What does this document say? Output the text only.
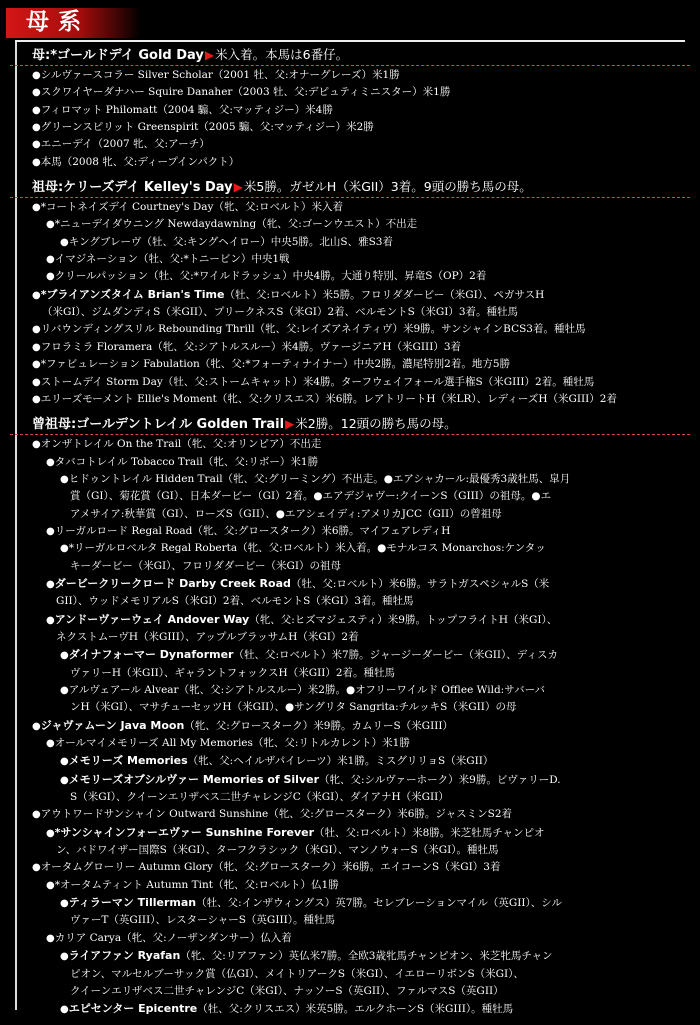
母系
母:*ゴールドデイ Gold Day▶米入着。本馬は6番仔。
●シルヴァースコラー Silver Scholar（2001 牡、父:オナーグレーズ）米1勝
●スクワイヤーダナハー Squire Danaher（2003 牡、父:デピュティミニスター）米1勝
●フィロマット Philomatt（2004 騸、父:マッティジー）米4勝
●グリーンスピリット Greenspirit（2005 騸、父:マッティジー）米2勝
●エニーデイ（2007 牝、父:アーチ）
●本馬（2008 牝、父:ディープインパクト）
祖母:ケリーズデイ Kelley's Day▶米5勝。ガゼルH（米GII）3着。9頭の勝ち馬の母。
●*コートネイズデイ Courtney's Day（牝、父:ロベルト）米入着
●*ニューデイダウニング Newdaydawning（牝、父:ゴーンウエスト）不出走
●キングブレーヴ（牡、父:キングヘイロー）中央5勝。北山S、雅S3着
●イマジネーション（牡、父:*トニービン）中央1戦
●クリールパッション（牡、父:*ワイルドラッシュ）中央4勝。大通り特別、昇竜S（OP）2着
●*ブライアンズタイム Brian's Time（牡、父:ロベルト）米5勝。フロリダダービー（米GI）、ペガサスH
（米GI）、ジムダンディS（米GII）、プリークネスS（米GI）2着、ベルモントS（米GI）3着。種牡馬
●リバウンディングスリル Rebounding Thrill（牝、父:レイズアネイティヴ）米9勝。サンシャインBCS3着。種牡馬
●フロラミラ Floramera（牝、父:シアトルスルー）米4勝。ヴァージニアH（米GIII）3着
●*ファビュレーション Fabulation（牝、父:*フォーティナイナー）中央2勝。濃尾特別2着。地方5勝
●ストームデイ Storm Day（牡、父:ストームキャット）米4勝。ターフウェイフォール選手権S（米GIII）2着。種牡馬
●エリーズモーメント Ellie's Moment（牝、父:クリスエス）米6勝。レアトリートH（米LR）、レディーズH（米GIII）2着
曾祖母:ゴールデントレイル Golden Trail▶米2勝。12頭の勝ち馬の母。
●オンザトレイル On the Trail（牝、父:オリンピア）不出走
●タバコトレイル Tobacco Trail（牝、父:リボー）米1勝
●ヒドゥントレイル Hidden Trail（牝、父:グリーミング）不出走。●エアシャカール:最優秀3歳牡馬、皐月
賞（GI）、菊花賞（GI）、日本ダービー（GI）2着。●エアデジャヴー:クイーンS（GIII）の祖母。●エ
アメサイア:秋華賞（GI）、ローズS（GII）、●エアシェイディ:アメリカJCC（GII）の曾祖母
●リーガルロード Regal Road（牝、父:グロースターク）米6勝。マイフェアレディH
●*リーガルロベルタ Regal Roberta（牝、父:ロベルト）米入着。●モナルコス Monarchos:ケンタッ
キーダービー（米GI）、フロリダダービー（米GI）の祖母
●ダービークリークロード Darby Creek Road（牡、父:ロベルト）米6勝。サラトガスペシャルS（米
GII）、ウッドメモリアルS（米GI）2着、ベルモントS（米GI）3着。種牡馬
●アンドーヴァーウェイ Andover Way（牝、父:ヒズマジェスティ）米9勝。トップフライトH（米GI）、
ネクストムーヴH（米GIII）、アップルブラッサムH（米GI）2着
●ダイナフォーマー Dynaformer（牡、父:ロベルト）米7勝。ジャージーダービー（米GII）、ディスカ
ヴァリーH（米GII）、ギャラントフォックスH（米GII）2着。種牡馬
●アルヴェアール Alvear（牝、父:シアトルスルー）米2勝。●オフリーワイルド Offlee Wild:サバーバ
ンH（米GI）、マサチューセッツH（米GII）、●サングリタ Sangrita:チルッキS（米GII）の母
●ジャヴァムーン Java Moon（牝、父:グロースターク）米9勝。カムリーS（米GIII）
●オールマイメモリーズ All My Memories（牝、父:リトルカレント）米1勝
●メモリーズ Memories（牝、父:ヘイルザパイレーツ）米1勝。ミスグリリョS（米GII）
●メモリーズオブシルヴァー Memories of Silver（牝、父:シルヴァーホーク）米9勝。ビヴァリーD.
S（米GI）、クイーンエリザベス二世チャレンジC（米GI）、ダイアナH（米GII）
●アウトワードサンシャイン Outward Sunshine（牝、父:グロースターク）米6勝。ジャスミンS2着
●*サンシャインフォーエヴァー Sunshine Forever（牡、父:ロベルト）米8勝。米芝牡馬チャンピオ
ン、バドワイザー国際S（米GI）、ターフクラシック（米GI）、マンノウォーS（米GI）。種牡馬
●オータムグローリー Autumn Glory（牝、父:グロースターク）米6勝。エイコーンS（米GI）3着
●*オータムティント Autumn Tint（牝、父:ロベルト）仏1勝
●ティラーマン Tillerman（牡、父:インザウィングス）英7勝。セレブレーションマイル（英GII）、シル
ヴァーT（英GIII）、レスターシャーS（英GIII）。種牡馬
●カリア Carya（牝、父:ノーザンダンサー）仏入着
●ライアファン Ryafan（牝、父:リアファン）英仏米7勝。全欧3歳牝馬チャンピオン、米芝牝馬チャン
ピオン、マルセルブーサック賞（仏GI）、メイトリアークS（米GI）、イエローリボンS（米GI）、
クイーンエリザベス二世チャレンジC（米GI）、ナッソーS（英GII）、ファルマスS（英GII）
●エピセンター Epicentre（牡、父:クリスエス）米英5勝。エルクホーンS（米GIII）。種牡馬
